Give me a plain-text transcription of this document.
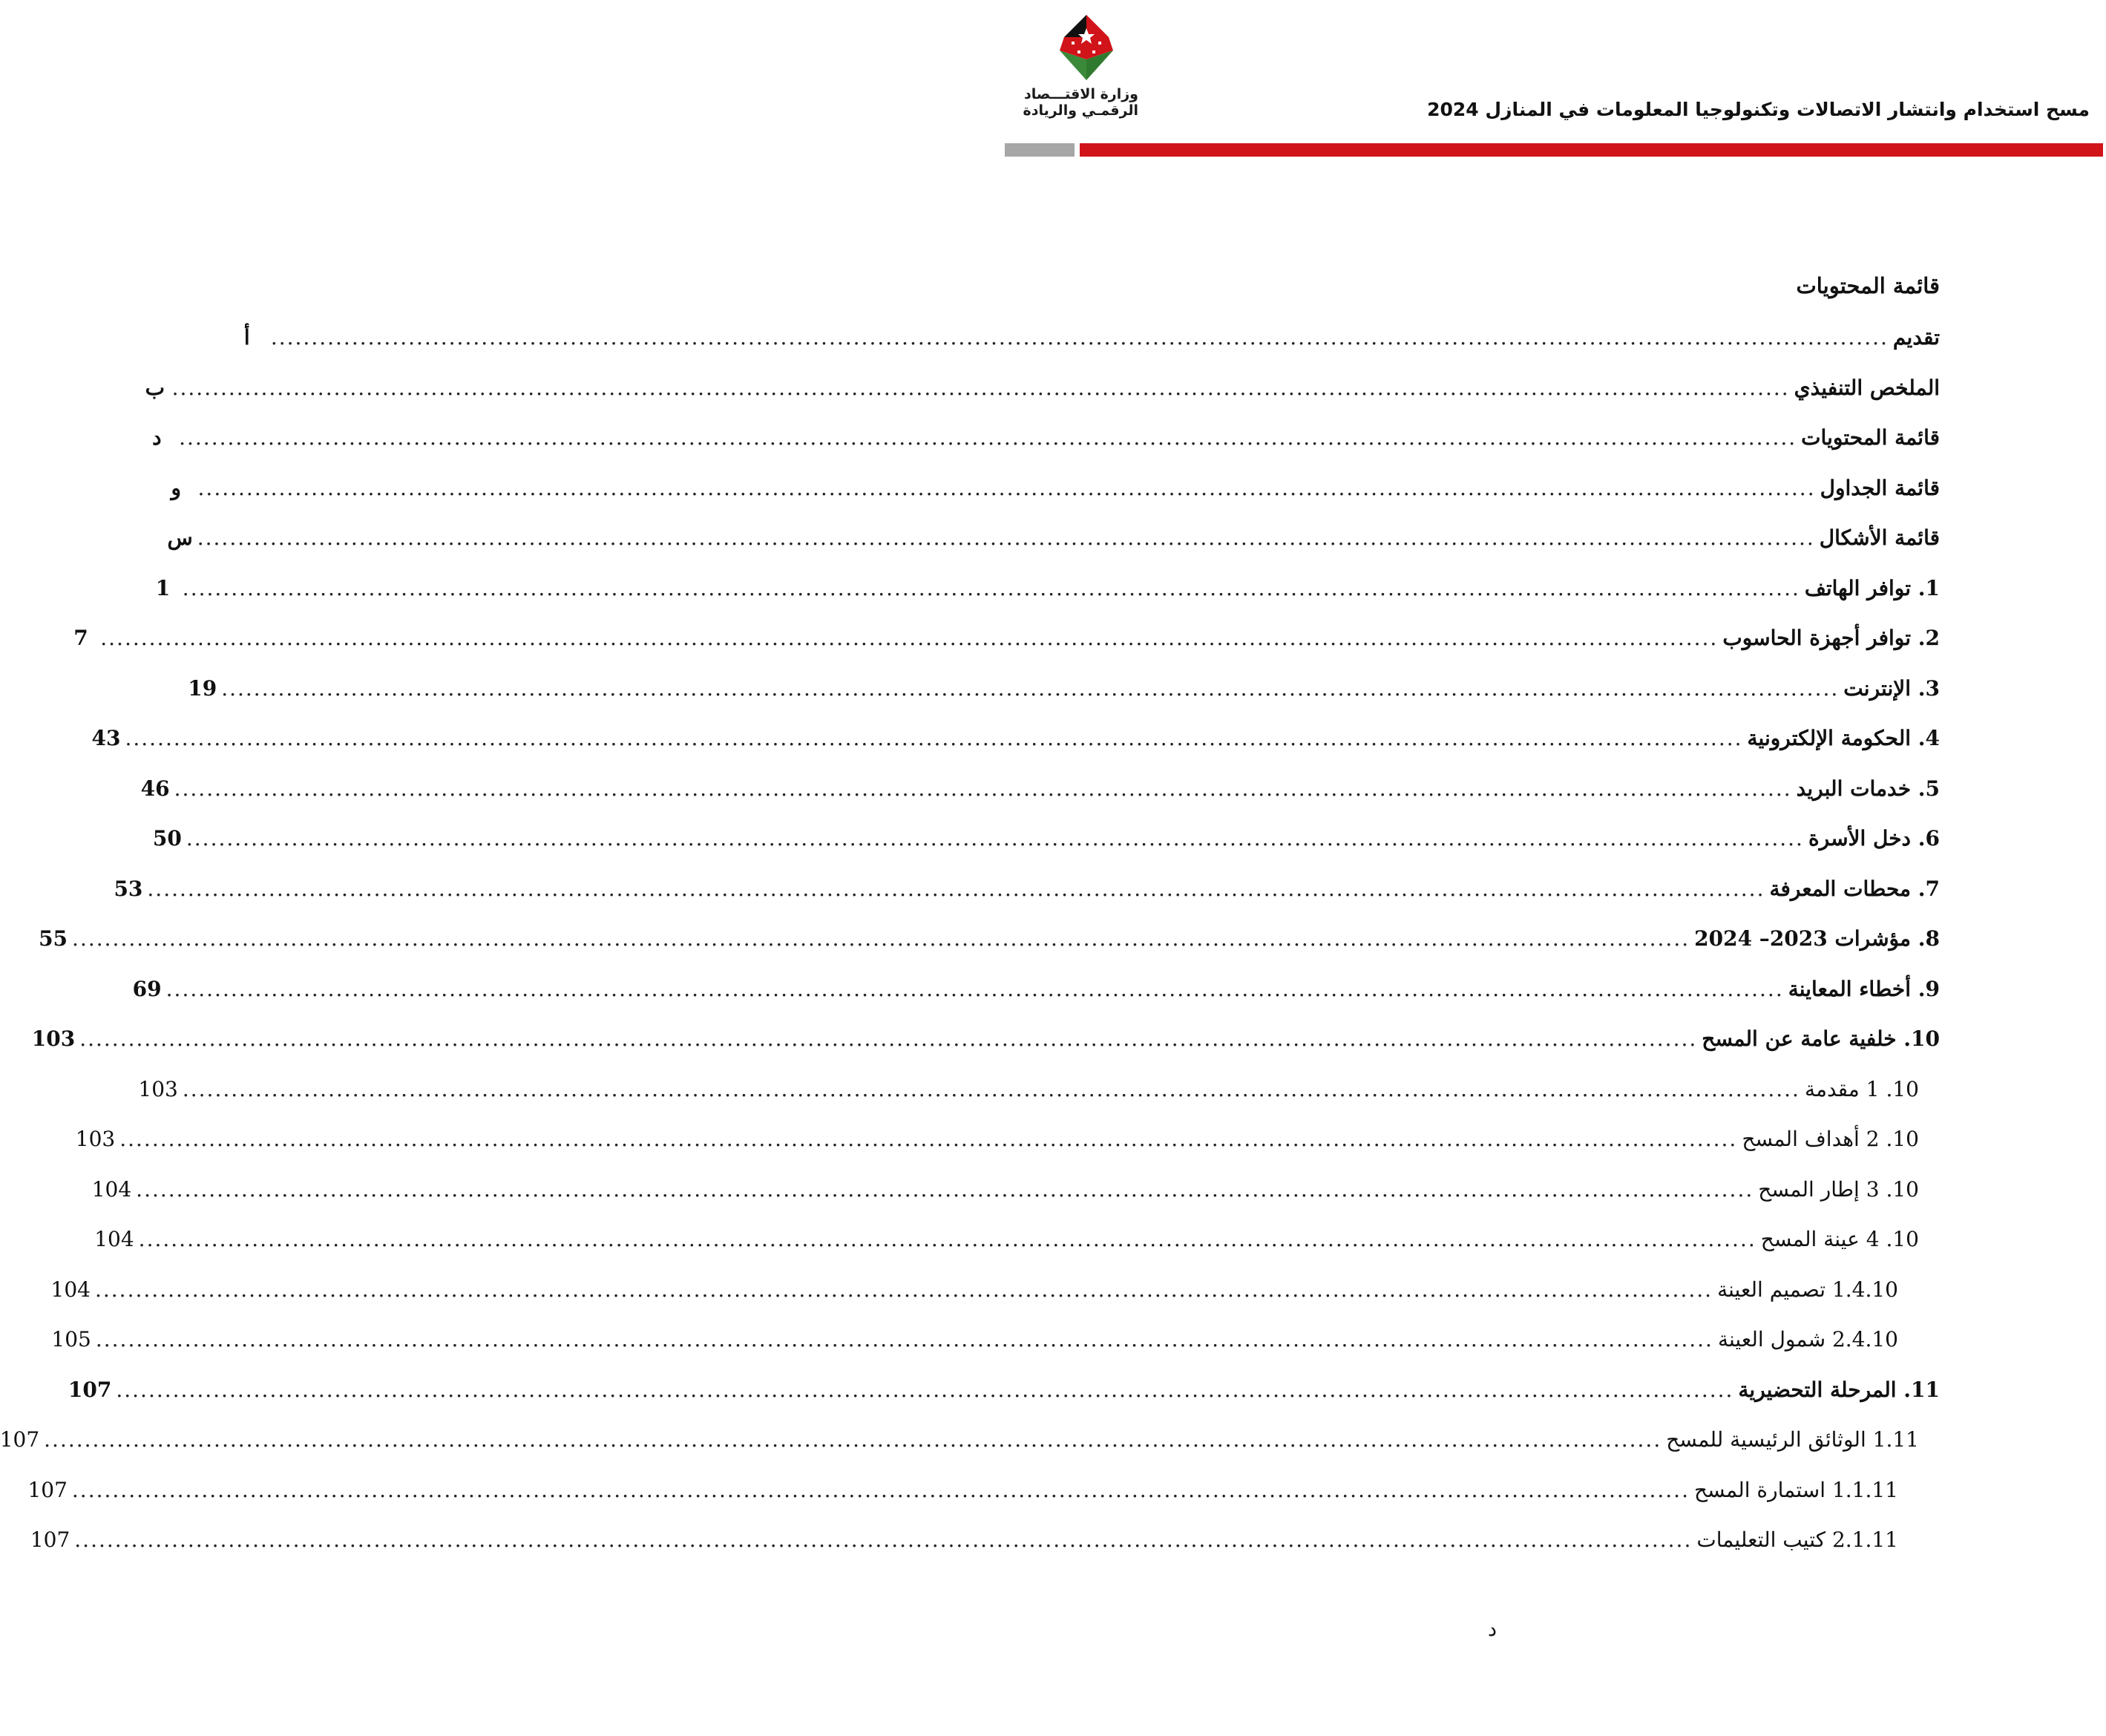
مسح استخدام وانتشار الاتصالات وتكنولوجيا المعلومات في المنازل 2024
وزارة الاقتـــصاد
الرقمـي والريادة
قائمة المحتويات
تقديم
........................................................................................................................................................................................................
أ
الملخص التنفيذي
........................................................................................................................................................................................................
ب
قائمة المحتويات
........................................................................................................................................................................................................
د
قائمة الجداول
........................................................................................................................................................................................................
و
قائمة الأشكال
........................................................................................................................................................................................................
س
1. توافر الهاتف
........................................................................................................................................................................................................
1
2. توافر أجهزة الحاسوب
........................................................................................................................................................................................................
7
3. الإنترنت
........................................................................................................................................................................................................
19
4. الحكومة الإلكترونية
........................................................................................................................................................................................................
43
5. خدمات البريد
........................................................................................................................................................................................................
46
6. دخل الأسرة
........................................................................................................................................................................................................
50
7. محطات المعرفة
........................................................................................................................................................................................................
53
8. مؤشرات 2023– 2024
........................................................................................................................................................................................................
55
9. أخطاء المعاينة
........................................................................................................................................................................................................
69
10. خلفية عامة عن المسح
........................................................................................................................................................................................................
103
10. 1 مقدمة
........................................................................................................................................................................................................
103
10. 2 أهداف المسح
........................................................................................................................................................................................................
103
10. 3 إطار المسح
........................................................................................................................................................................................................
104
10. 4 عينة المسح
........................................................................................................................................................................................................
104
1.4.10 تصميم العينة
........................................................................................................................................................................................................
104
2.4.10 شمول العينة
........................................................................................................................................................................................................
105
11. المرحلة التحضيرية
........................................................................................................................................................................................................
107
1.11 الوثائق الرئيسية للمسح
........................................................................................................................................................................................................
107
1.1.11 استمارة المسح
........................................................................................................................................................................................................
107
2.1.11 كتيب التعليمات
........................................................................................................................................................................................................
107
د
